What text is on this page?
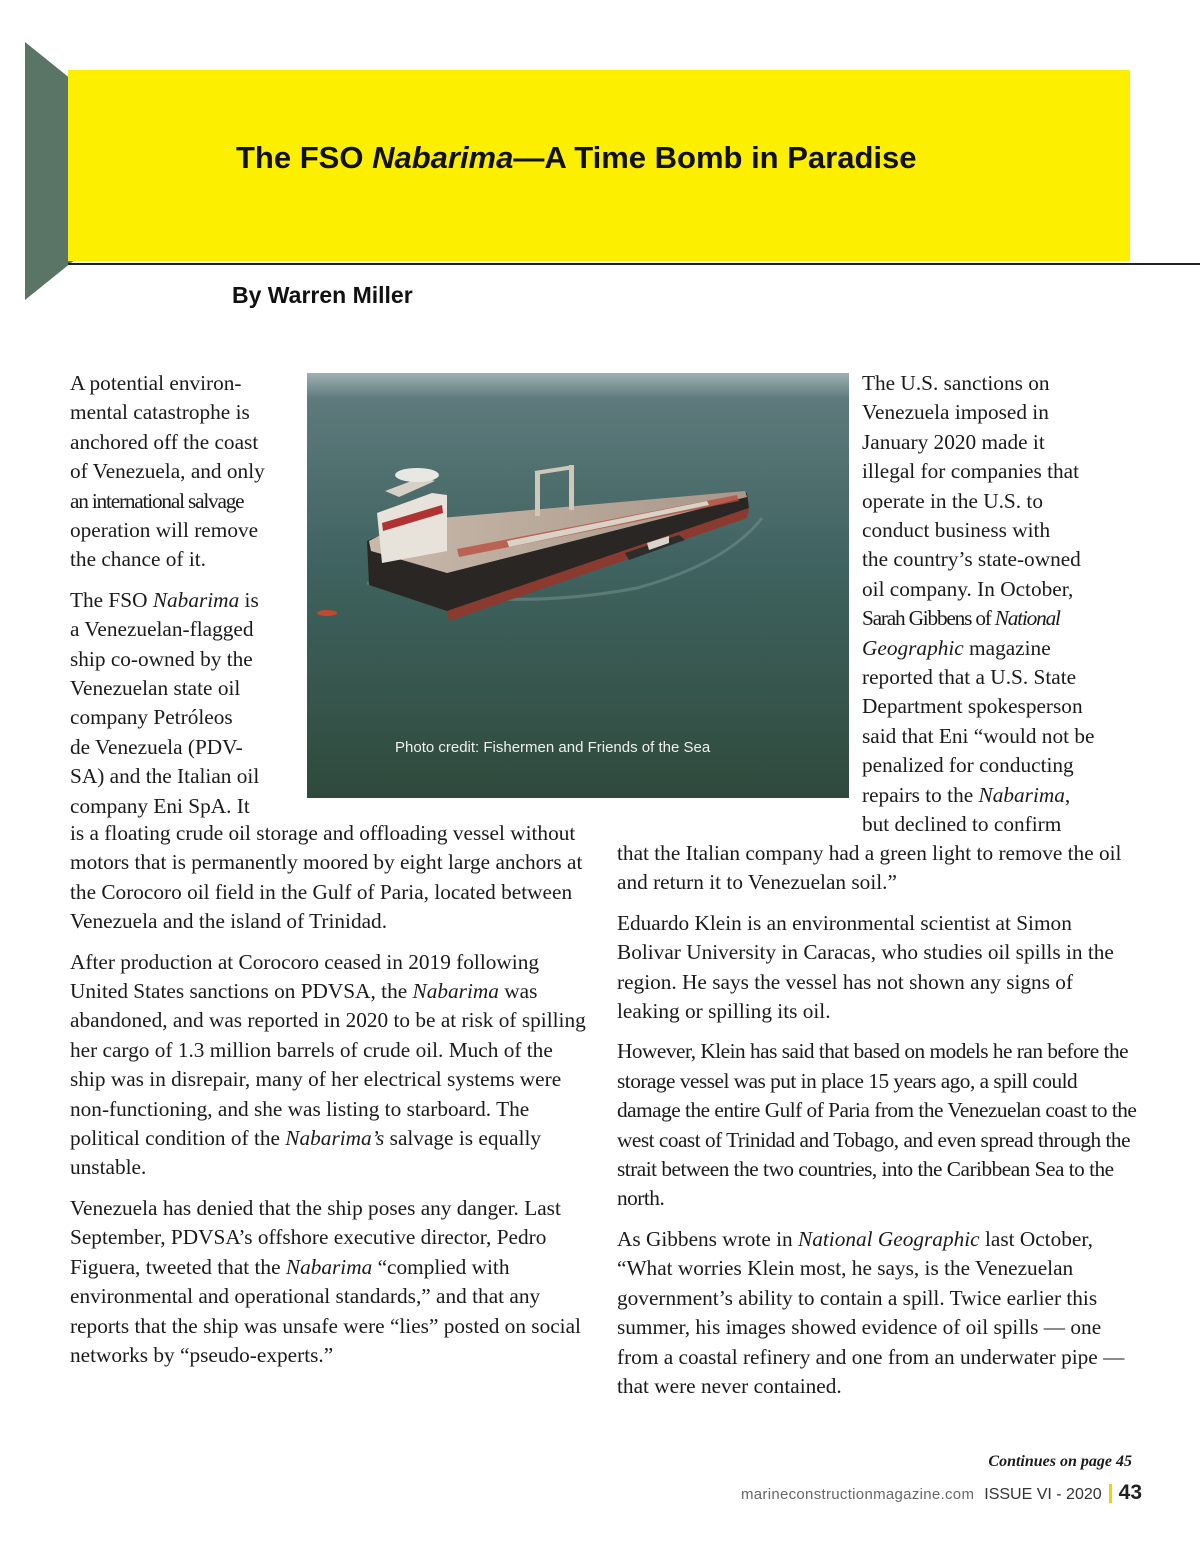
The FSO Nabarima—A Time Bomb in Paradise

By Warren Miller

Photo credit: Fishermen and Friends of the Sea

A potential environ-
mental catastrophe is
anchored off the coast
of Venezuela, and only
an international salvage
operation will remove
the chance of it.

The FSO Nabarima is
a Venezuelan-flagged
ship co-owned by the
Venezuelan state oil
company Petróleos
de Venezuela (PDV-
SA) and the Italian oil
company Eni SpA. It

is a floating crude oil storage and offloading vessel without motors that is permanently moored by eight large anchors at the Corocoro oil field in the Gulf of Paria, located between Venezuela and the island of Trinidad.

After production at Corocoro ceased in 2019 following United States sanctions on PDVSA, the Nabarima was abandoned, and was reported in 2020 to be at risk of spilling her cargo of 1.3 million barrels of crude oil. Much of the ship was in disrepair, many of her electrical systems were non-functioning, and she was listing to starboard. The political condition of the Nabarima’s salvage is equally unstable.

Venezuela has denied that the ship poses any danger. Last September, PDVSA’s offshore executive director, Pedro Figuera, tweeted that the Nabarima “complied with environmental and operational standards,” and that any reports that the ship was unsafe were “lies” posted on social networks by “pseudo-experts.”

The U.S. sanctions on
Venezuela imposed in
January 2020 made it
illegal for companies that
operate in the U.S. to
conduct business with
the country’s state-owned
oil company. In October,
Sarah Gibbens of National
Geographic magazine
reported that a U.S. State
Department spokesperson
said that Eni “would not be
penalized for conducting
repairs to the Nabarima,
but declined to confirm

that the Italian company had a green light to remove the oil and return it to Venezuelan soil.”

Eduardo Klein is an environmental scientist at Simon Bolivar University in Caracas, who studies oil spills in the region. He says the vessel has not shown any signs of leaking or spilling its oil.

However, Klein has said that based on models he ran before the storage vessel was put in place 15 years ago, a spill could damage the entire Gulf of Paria from the Venezuelan coast to the west coast of Trinidad and Tobago, and even spread through the strait between the two countries, into the Caribbean Sea to the north.

As Gibbens wrote in National Geographic last October, “What worries Klein most, he says, is the Venezuelan government’s ability to contain a spill. Twice earlier this summer, his images showed evidence of oil spills — one from a coastal refinery and one from an underwater pipe — that were never contained.

Continues on page 45

marineconstructionmagazine.com ISSUE VI - 2020 43
